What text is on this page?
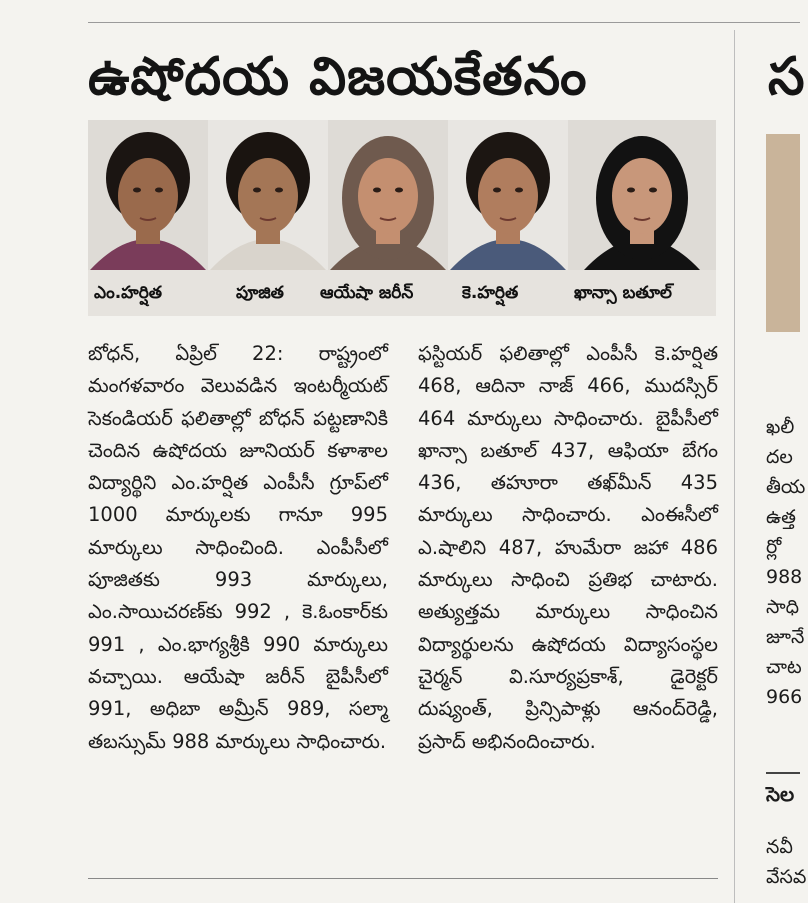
ఉషోదయ విజయకేతనం	స
ఎం.హర్షిత	పూజిత ఆయేషా జరీన్	కె.హర్షిత	ఖాన్సా బతూల్

బోధన్, ఏప్రిల్ 22: రాష్ట్రంలో మంగళవారం వెలువడిన ఇంటర్మీయట్ సెకండియర్ ఫలితాల్లో బోధన్ పట్టణానికి చెందిన ఉషోదయ జూనియర్ కళాశాల విద్యార్థిని ఎం.హర్షిత ఎంపీసీ గ్రూప్‌లో 1000 మార్కులకు గానూ 995 మార్కులు సాధించింది. ఎంపీసీలో పూజితకు 993 మార్కులు, ఎం.సాయిచరణ్‌కు 992 , కె.ఓంకార్‌కు 991 , ఎం.భాగ్యశ్రీకి 990 మార్కులు వచ్చాయి. ఆయేషా జరీన్ బైపీసీలో 991, అధిబా అమ్రీన్ 989, సల్మా తబస్సుమ్ 988 మార్కులు సాధించారు.

ఫస్టియర్ ఫలితాల్లో ఎంపీసీ కె.హర్షిత 468, ఆదినా నాజ్ 466, ముదస్సిర్ 464 మార్కులు సాధించారు. బైపీసీలో ఖాన్సా బతూల్ 437, ఆఫియా బేగం 436, తహూరా తఖ్‌మీన్ 435 మార్కులు సాధించారు. ఎంఈసీలో ఎ.షాలిని 487, హుమేరా జహా 486 మార్కులు సాధించి ప్రతిభ చాటారు. అత్యుత్తమ మార్కులు సాధించిన విద్యార్థులను ఉషోదయ విద్యాసంస్థల చైర్మన్ వి.సూర్యప్రకాశ్, డైరెక్టర్ దుష్యంత్, ప్రిన్సిపాళ్లు ఆనంద్‌రెడ్డి, ప్రసాద్ అభినందించారు.

ఖలీ
దల
తీయ
ఉత్త
ర్లో
988
సాధి
జూనే
చాట
966
సెల
నవీ
వేసవ
